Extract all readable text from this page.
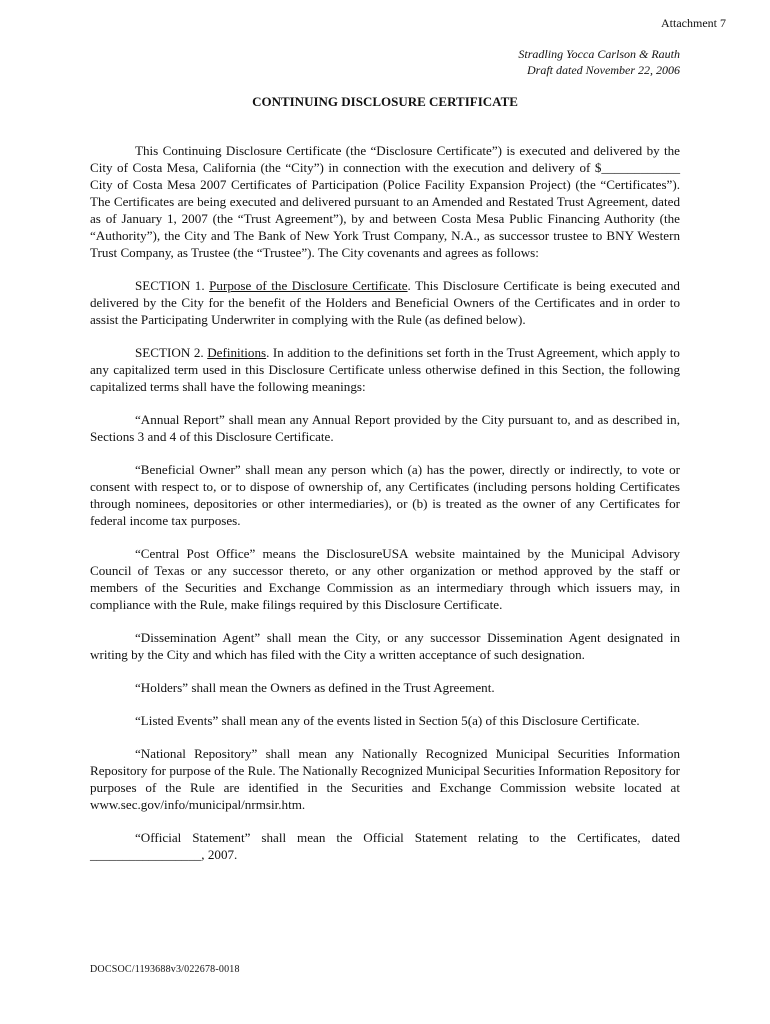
Attachment 7
Stradling Yocca Carlson & Rauth
Draft dated November 22, 2006
CONTINUING DISCLOSURE CERTIFICATE

This Continuing Disclosure Certificate (the “Disclosure Certificate”) is executed and delivered by the City of Costa Mesa, California (the “City”) in connection with the execution and delivery of $____________ City of Costa Mesa 2007 Certificates of Participation (Police Facility Expansion Project) (the “Certificates”). The Certificates are being executed and delivered pursuant to an Amended and Restated Trust Agreement, dated as of January 1, 2007 (the “Trust Agreement”), by and between Costa Mesa Public Financing Authority (the “Authority”), the City and The Bank of New York Trust Company, N.A., as successor trustee to BNY Western Trust Company, as Trustee (the “Trustee”). The City covenants and agrees as follows:

SECTION 1. Purpose of the Disclosure Certificate. This Disclosure Certificate is being executed and delivered by the City for the benefit of the Holders and Beneficial Owners of the Certificates and in order to assist the Participating Underwriter in complying with the Rule (as defined below).

SECTION 2. Definitions. In addition to the definitions set forth in the Trust Agreement, which apply to any capitalized term used in this Disclosure Certificate unless otherwise defined in this Section, the following capitalized terms shall have the following meanings:

“Annual Report” shall mean any Annual Report provided by the City pursuant to, and as described in, Sections 3 and 4 of this Disclosure Certificate.

“Beneficial Owner” shall mean any person which (a) has the power, directly or indirectly, to vote or consent with respect to, or to dispose of ownership of, any Certificates (including persons holding Certificates through nominees, depositories or other intermediaries), or (b) is treated as the owner of any Certificates for federal income tax purposes.

“Central Post Office” means the DisclosureUSA website maintained by the Municipal Advisory Council of Texas or any successor thereto, or any other organization or method approved by the staff or members of the Securities and Exchange Commission as an intermediary through which issuers may, in compliance with the Rule, make filings required by this Disclosure Certificate.

“Dissemination Agent” shall mean the City, or any successor Dissemination Agent designated in writing by the City and which has filed with the City a written acceptance of such designation.

“Holders” shall mean the Owners as defined in the Trust Agreement.

“Listed Events” shall mean any of the events listed in Section 5(a) of this Disclosure Certificate.

“National Repository” shall mean any Nationally Recognized Municipal Securities Information Repository for purpose of the Rule. The Nationally Recognized Municipal Securities Information Repository for purposes of the Rule are identified in the Securities and Exchange Commission website located at www.sec.gov/info/municipal/nrmsir.htm.

“Official Statement” shall mean the Official Statement relating to the Certificates, dated _________________, 2007.

DOCSOC/1193688v3/022678-0018
